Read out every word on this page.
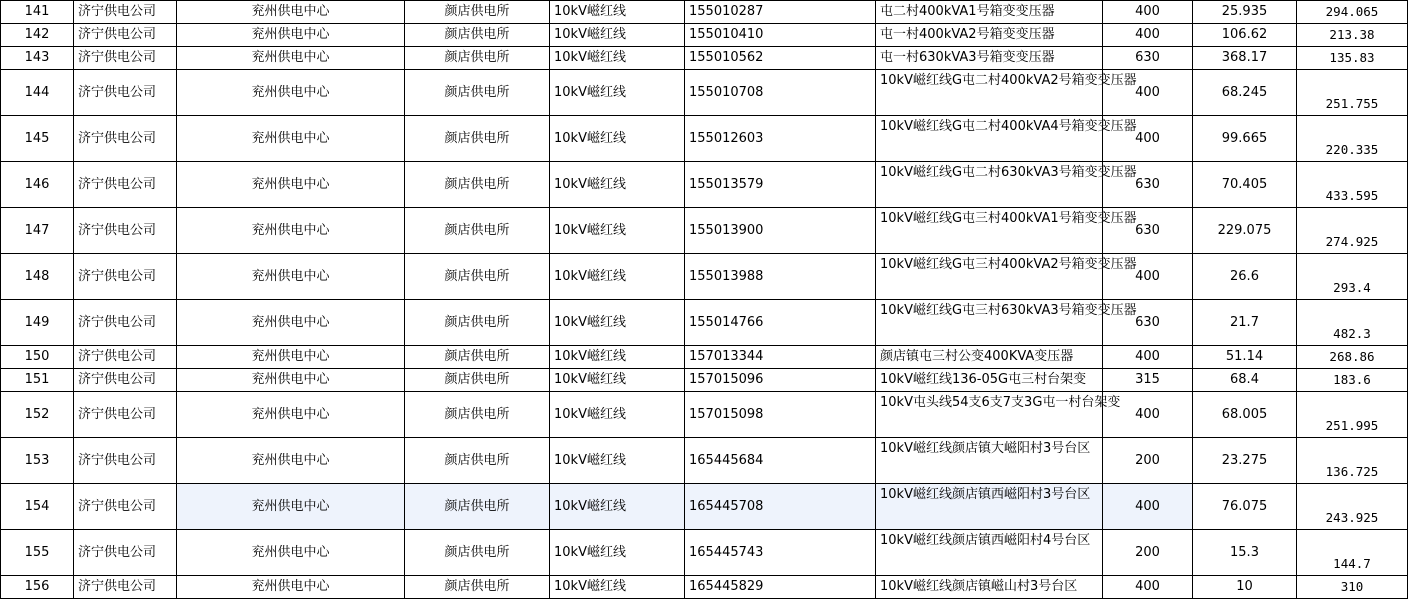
141	济宁供电公司	兖州供电中心	颜店供电所	10kV嵫红线	155010287	屯二村400kVA1号箱变变压器	400	25.935	294.065
142	济宁供电公司	兖州供电中心	颜店供电所	10kV嵫红线	155010410	屯一村400kVA2号箱变变压器	400	106.62	213.38
143	济宁供电公司	兖州供电中心	颜店供电所	10kV嵫红线	155010562	屯一村630kVA3号箱变变压器	630	368.17	135.83
144	济宁供电公司	兖州供电中心	颜店供电所	10kV嵫红线	155010708	10kV嵫红线G屯二村400kVA2号箱变变压器	400	68.245	251.755
145	济宁供电公司	兖州供电中心	颜店供电所	10kV嵫红线	155012603	10kV嵫红线G屯二村400kVA4号箱变变压器	400	99.665	220.335
146	济宁供电公司	兖州供电中心	颜店供电所	10kV嵫红线	155013579	10kV嵫红线G屯二村630kVA3号箱变变压器	630	70.405	433.595
147	济宁供电公司	兖州供电中心	颜店供电所	10kV嵫红线	155013900	10kV嵫红线G屯三村400kVA1号箱变变压器	630	229.075	274.925
148	济宁供电公司	兖州供电中心	颜店供电所	10kV嵫红线	155013988	10kV嵫红线G屯三村400kVA2号箱变变压器	400	26.6	293.4
149	济宁供电公司	兖州供电中心	颜店供电所	10kV嵫红线	155014766	10kV嵫红线G屯三村630kVA3号箱变变压器	630	21.7	482.3
150	济宁供电公司	兖州供电中心	颜店供电所	10kV嵫红线	157013344	颜店镇屯三村公变400KVA变压器	400	51.14	268.86
151	济宁供电公司	兖州供电中心	颜店供电所	10kV嵫红线	157015096	10kV嵫红线136-05G屯三村台架变	315	68.4	183.6
152	济宁供电公司	兖州供电中心	颜店供电所	10kV嵫红线	157015098	10kV屯头线54支6支7支3G屯一村台架变	400	68.005	251.995
153	济宁供电公司	兖州供电中心	颜店供电所	10kV嵫红线	165445684	10kV嵫红线颜店镇大嵫阳村3号台区	200	23.275	136.725
154	济宁供电公司	兖州供电中心	颜店供电所	10kV嵫红线	165445708	10kV嵫红线颜店镇西嵫阳村3号台区	400	76.075	243.925
155	济宁供电公司	兖州供电中心	颜店供电所	10kV嵫红线	165445743	10kV嵫红线颜店镇西嵫阳村4号台区	200	15.3	144.7
156	济宁供电公司	兖州供电中心	颜店供电所	10kV嵫红线	165445829	10kV嵫红线颜店镇嵫山村3号台区	400	10	310
